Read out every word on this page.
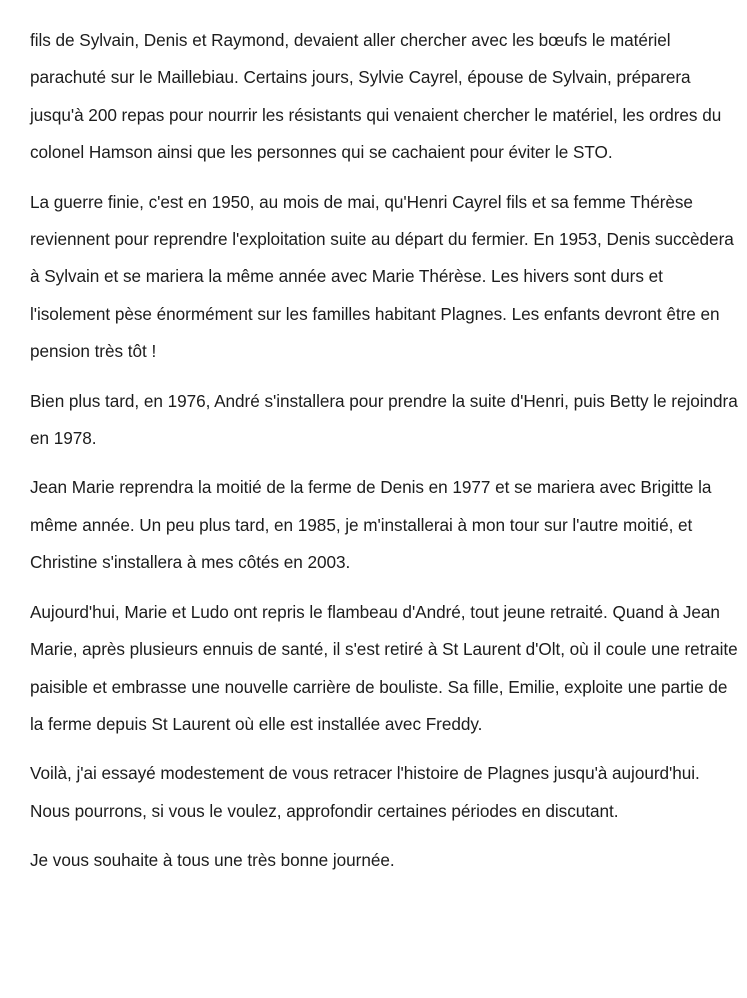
fils de Sylvain, Denis et Raymond, devaient aller chercher avec les bœufs le matériel parachuté sur le Maillebiau. Certains jours, Sylvie Cayrel, épouse de Sylvain, préparera jusqu'à 200 repas pour nourrir les résistants qui venaient chercher le matériel, les ordres du colonel Hamson ainsi que les personnes qui se cachaient pour éviter le STO.

La guerre finie, c'est en 1950, au mois de mai, qu'Henri Cayrel fils et sa femme Thérèse reviennent pour reprendre l'exploitation suite au départ du fermier. En 1953, Denis succèdera à Sylvain et se mariera la même année avec Marie Thérèse. Les hivers sont durs et l'isolement pèse énormément sur les familles habitant Plagnes. Les enfants devront être en pension très tôt !

Bien plus tard, en 1976, André s'installera pour prendre la suite d'Henri, puis Betty le rejoindra en 1978.

Jean Marie reprendra la moitié de la ferme de Denis en 1977 et se mariera avec Brigitte la même année. Un peu plus tard, en 1985, je m'installerai à mon tour sur l'autre moitié, et Christine s'installera à mes côtés en 2003.

Aujourd'hui, Marie et Ludo ont repris le flambeau d'André, tout jeune retraité. Quand à Jean Marie, après plusieurs ennuis de santé, il s'est retiré à St Laurent d'Olt, où il coule une retraite paisible et embrasse une nouvelle carrière de bouliste. Sa fille, Emilie, exploite une partie de la ferme depuis St Laurent où elle est installée avec Freddy.

Voilà, j'ai essayé modestement de vous retracer l'histoire de Plagnes jusqu'à aujourd'hui. Nous pourrons, si vous le voulez, approfondir certaines périodes en discutant.

Je vous souhaite à tous une très bonne journée.
